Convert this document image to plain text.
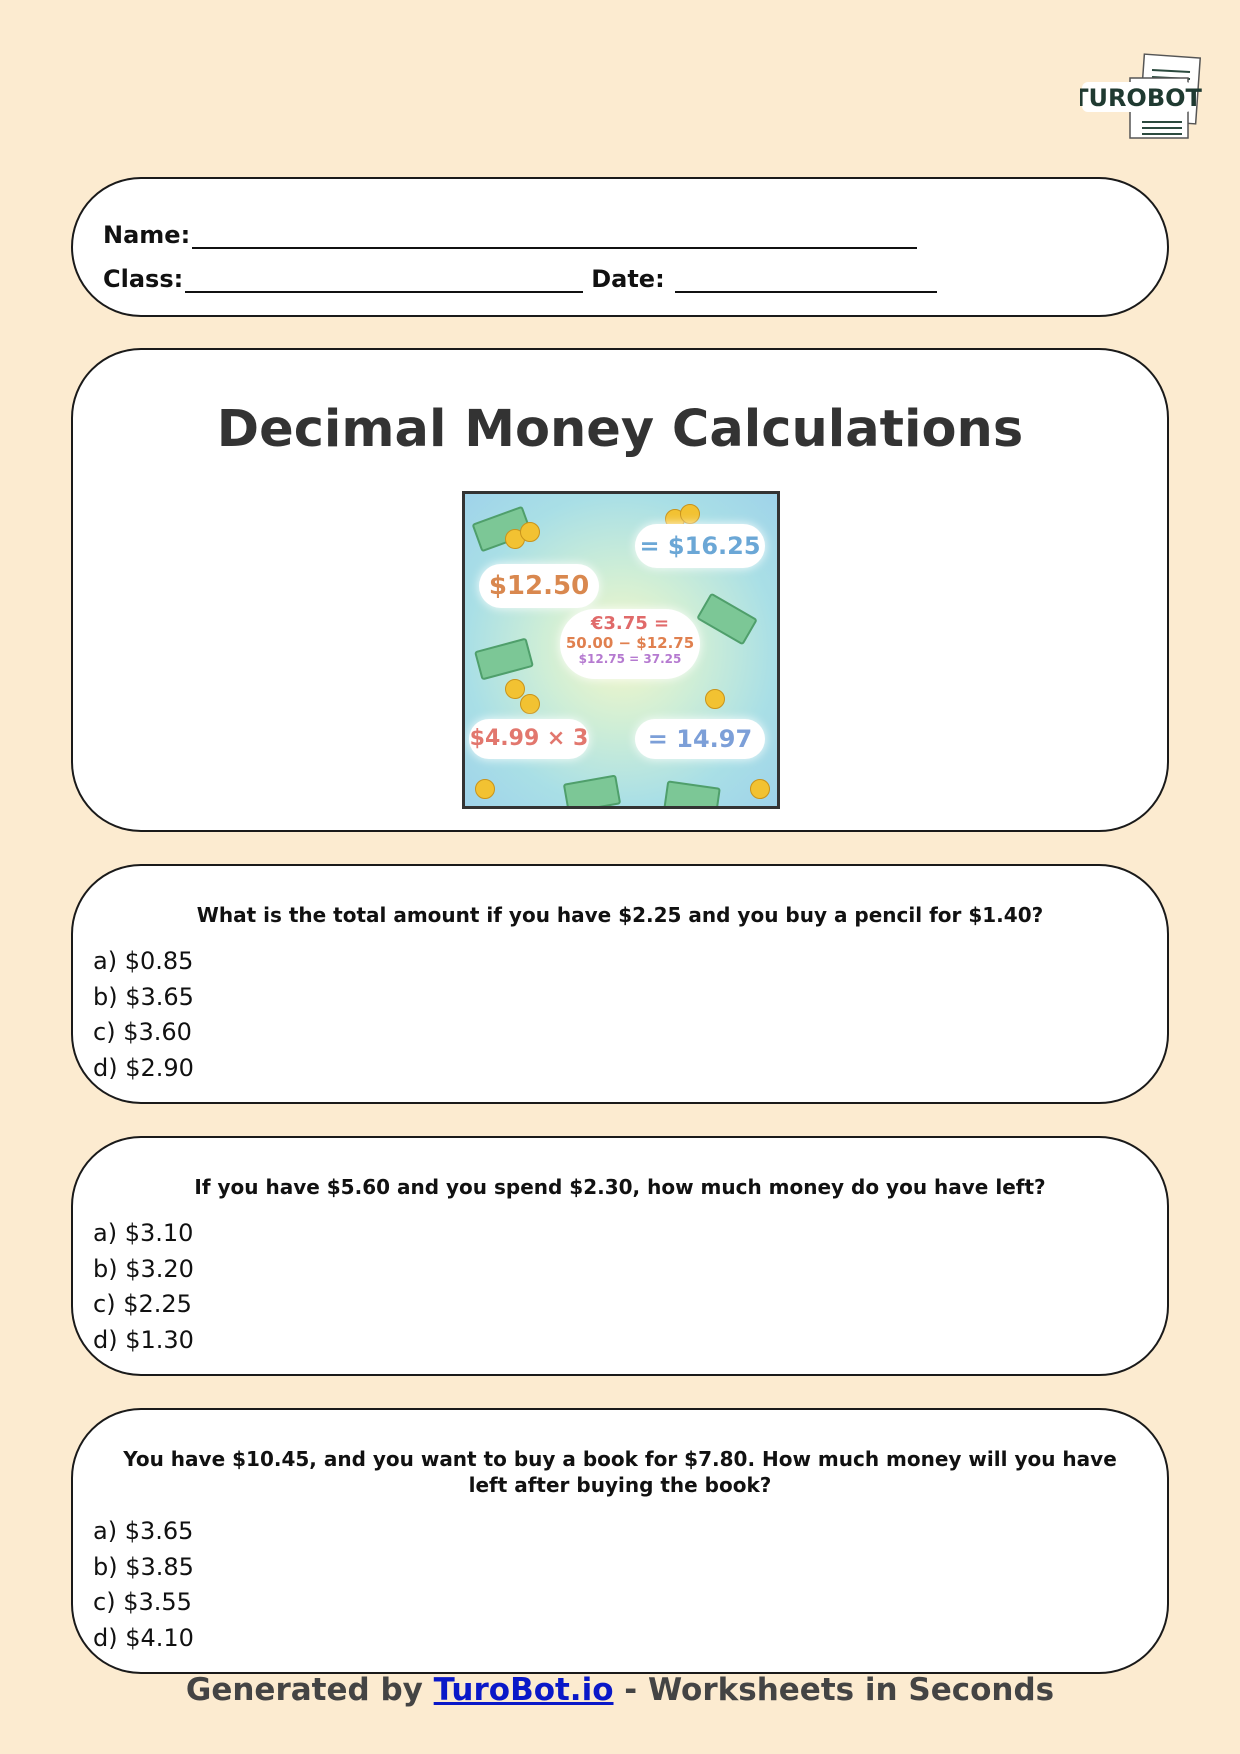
TUROBOT
Name:
Class:	Date:
Decimal Money Calculations
$12.50
= $16.25
€3.75 =
50.00 − $12.75
$12.75 = 37.25
$4.99 × 3	= 14.97
What is the total amount if you have $2.25 and you buy a pencil for $1.40?
a) $0.85
b) $3.65
c) $3.60
d) $2.90
If you have $5.60 and you spend $2.30, how much money do you have left?
a) $3.10
b) $3.20
c) $2.25
d) $1.30
You have $10.45, and you want to buy a book for $7.80. How much money will you have left after buying the book?
a) $3.65
b) $3.85
c) $3.55
d) $4.10
Generated by TuroBot.io - Worksheets in Seconds
